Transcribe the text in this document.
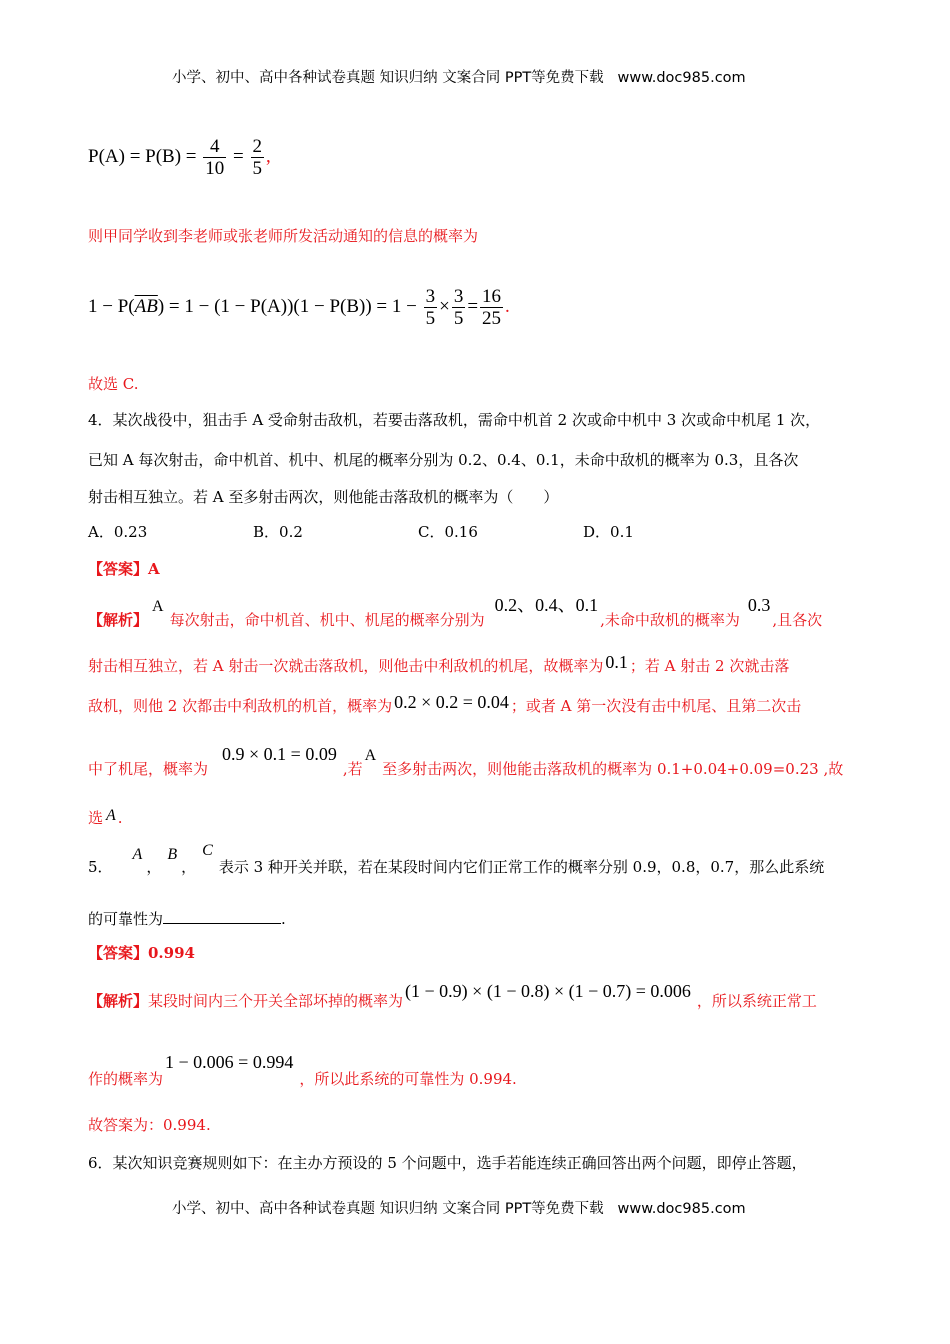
小学、初中、高中各种试卷真题 知识归纳 文案合同 PPT等免费下载 www.doc985.com
$P(A) = P(B) = \frac{4}{10} = \frac{2}{5}$ ,
则甲同学收到李老师或张老师所发活动通知的信息的概率为
$1 - P(\overline{AB}) = 1 - (1 - P(A))(1 - P(B)) = 1 - \frac{3}{5} \times \frac{3}{5} = \frac{16}{25}$ .
故选 C.
4．某次战役中，狙击手 A 受命射击敌机，若要击落敌机，需命中机首 2 次或命中机中 3 次或命中机尾 1 次，
已知 A 每次射击，命中机首、机中、机尾的概率分别为 0.2、0.4、0.1，未命中敌机的概率为 0.3，且各次
射击相互独立。若 A 至多射击两次，则他能击落敌机的概率为（　　）
A．0.23	B．0.2	C．0.16	D．0.1
【答案】A
【解析】A每次射击，命中机首、机中、机尾的概率分别为0.2、0.4、0.1,未命中敌机的概率为0.3,且各次
射击相互独立，若 A 射击一次就击落敌机，则他击中利敌机的机尾，故概率为 0.1 ；若 A 射击 2 次就击落
敌机，则他 2 次都击中利敌机的机首，概率为 0.2 × 0.2 = 0.04 ；或者 A 第一次没有击中机尾、且第二次击
中了机尾，概率为0.9 × 0.1 = 0.09,若A至多射击两次，则他能击落敌机的概率为 0.1+0.04+0.09=0.23 ,故
选 A .
5．A，B，C表示 3 种开关并联，若在某段时间内它们正常工作的概率分别 0.9，0.8，0.7，那么此系统
的可靠性为	.
【答案】0.994
【解析】某段时间内三个开关全部坏掉的概率为 (1 − 0.9) × (1 − 0.8) × (1 − 0.7) = 0.006 ，所以系统正常工
作的概率为1 − 0.006 = 0.994，所以此系统的可靠性为 0.994.
故答案为：0.994.
6．某次知识竞赛规则如下：在主办方预设的 5 个问题中，选手若能连续正确回答出两个问题，即停止答题，
小学、初中、高中各种试卷真题 知识归纳 文案合同 PPT等免费下载 www.doc985.com
